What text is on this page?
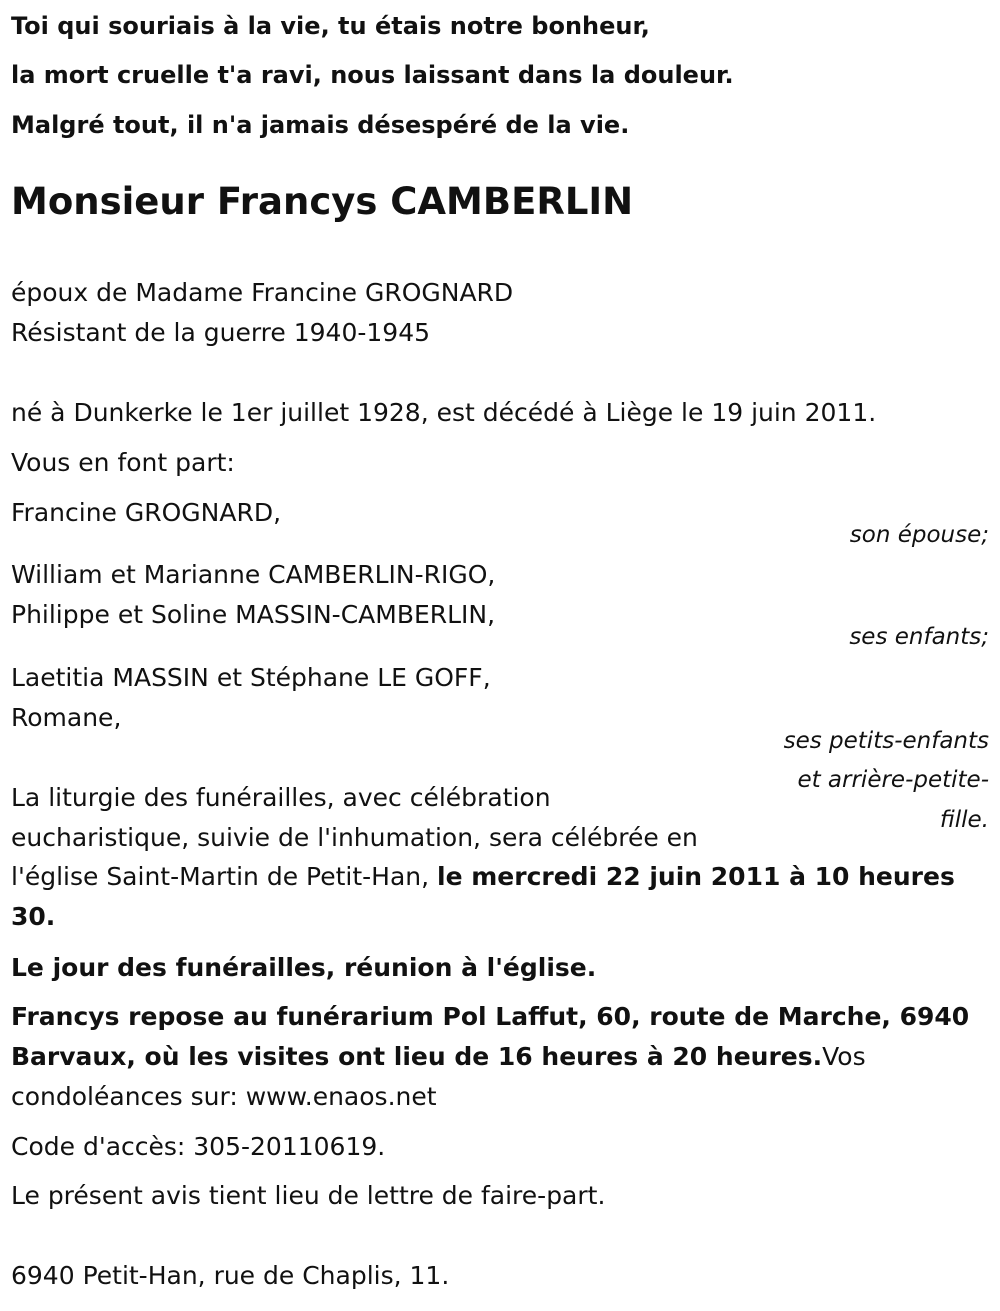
Toi qui souriais à la vie, tu étais notre bonheur,

la mort cruelle t'a ravi, nous laissant dans la douleur.

Malgré tout, il n'a jamais désespéré de la vie.

Monsieur Francys CAMBERLIN

époux de Madame Francine GROGNARD

Résistant de la guerre 1940-1945

né à Dunkerke le 1er juillet 1928, est décédé à Liège le 19 juin 2011.

Vous en font part:

Francine GROGNARD,

son épouse;

William et Marianne CAMBERLIN-RIGO,

Philippe et Soline MASSIN-CAMBERLIN,

ses enfants;

Laetitia MASSIN et Stéphane LE GOFF,

Romane,

ses petits-enfants

et arrière-petite-

fille.

La liturgie des funérailles, avec célébration

eucharistique, suivie de l'inhumation, sera célébrée en

l'église Saint-Martin de Petit-Han, le mercredi 22 juin 2011 à 10 heures

30.

Le jour des funérailles, réunion à l'église.

Francys repose au funérarium Pol Laffut, 60, route de Marche, 6940

Barvaux, où les visites ont lieu de 16 heures à 20 heures.Vos

condoléances sur: www.enaos.net

Code d'accès: 305-20110619.

Le présent avis tient lieu de lettre de faire-part.

6940 Petit-Han, rue de Chaplis, 11.
